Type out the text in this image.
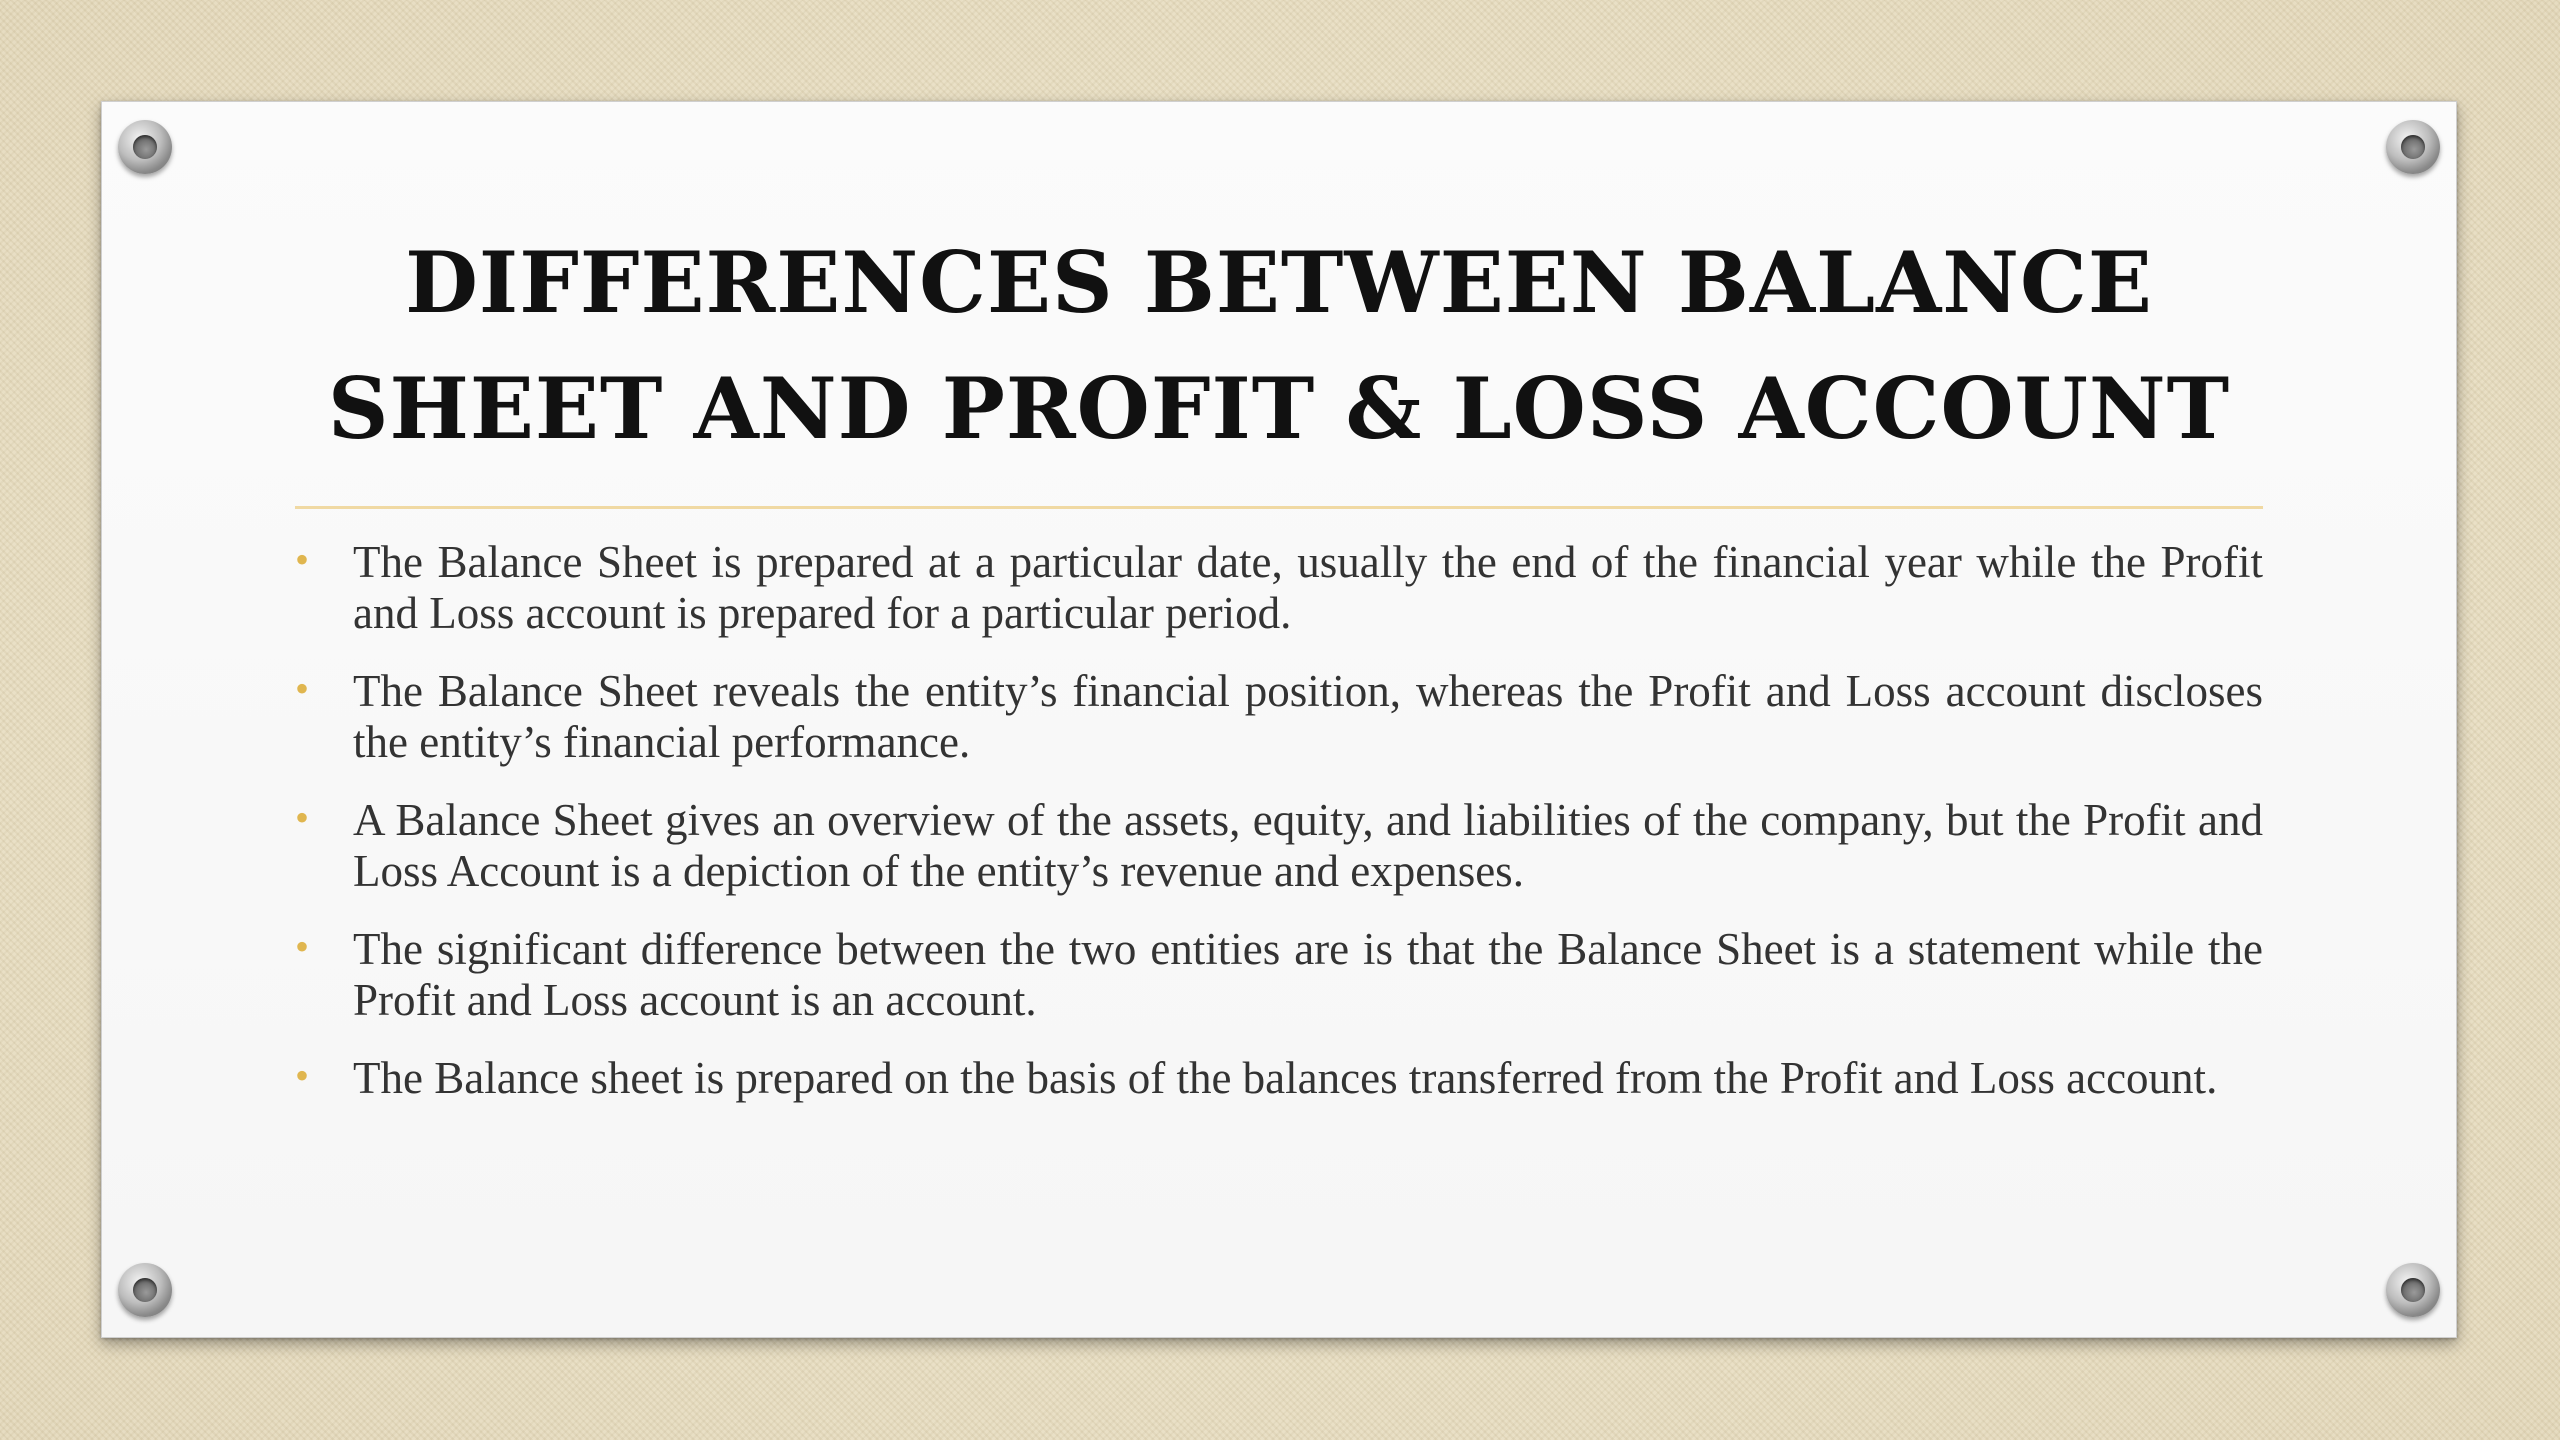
DIFFERENCES BETWEEN BALANCE SHEET AND PROFIT & LOSS ACCOUNT
• The Balance Sheet is prepared at a particular date, usually the end of the financial year while the Profit and Loss account is prepared for a particular period.
• The Balance Sheet reveals the entity’s financial position, whereas the Profit and Loss account discloses the entity’s financial performance.
• A Balance Sheet gives an overview of the assets, equity, and liabilities of the company, but the Profit and Loss Account is a depiction of the entity’s revenue and expenses.
• The significant difference between the two entities are is that the Balance Sheet is a statement while the Profit and Loss account is an account.
• The Balance sheet is prepared on the basis of the balances transferred from the Profit and Loss account.
